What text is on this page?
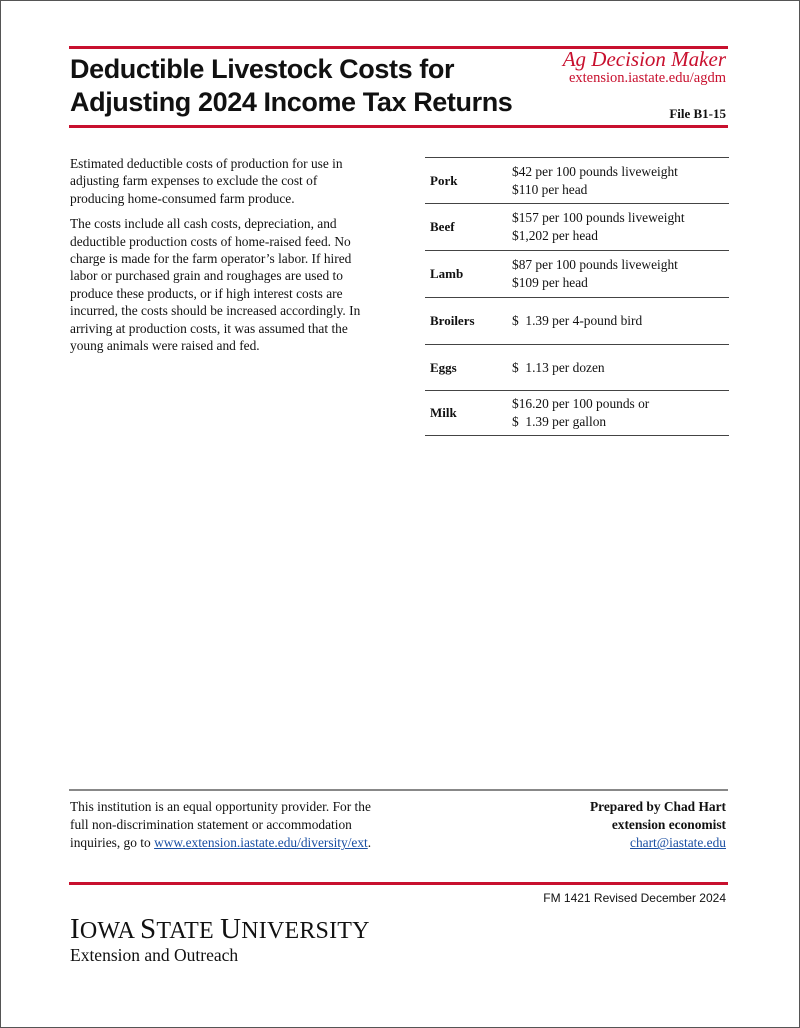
Deductible Livestock Costs for
Adjusting 2024 Income Tax Returns
Ag Decision Maker
extension.iastate.edu/agdm
File B1-15

Estimated deductible costs of production for use in adjusting farm expenses to exclude the cost of producing home-consumed farm produce.

The costs include all cash costs, depreciation, and deductible production costs of home-raised feed. No charge is made for the farm operator’s labor. If hired labor or purchased grain and roughages are used to produce these products, or if high interest costs are incurred, the costs should be increased accordingly. In arriving at production costs, it was assumed that the young animals were raised and fed.

Pork
$42 per 100 pounds liveweight
$110 per head
Beef
$157 per 100 pounds liveweight
$1,202 per head
Lamb
$87 per 100 pounds liveweight
$109 per head
Broilers	$  1.39 per 4-pound bird
Eggs	$  1.13 per dozen
Milk
$16.20 per 100 pounds or
$  1.39 per gallon
This institution is an equal opportunity provider. For the full non-discrimination statement or accommodation inquiries, go to www.extension.iastate.edu/diversity/ext.
Prepared by Chad Hart
extension economist
chart@iastate.edu
FM 1421 Revised December 2024
IOWA STATE UNIVERSITY
Extension and Outreach
